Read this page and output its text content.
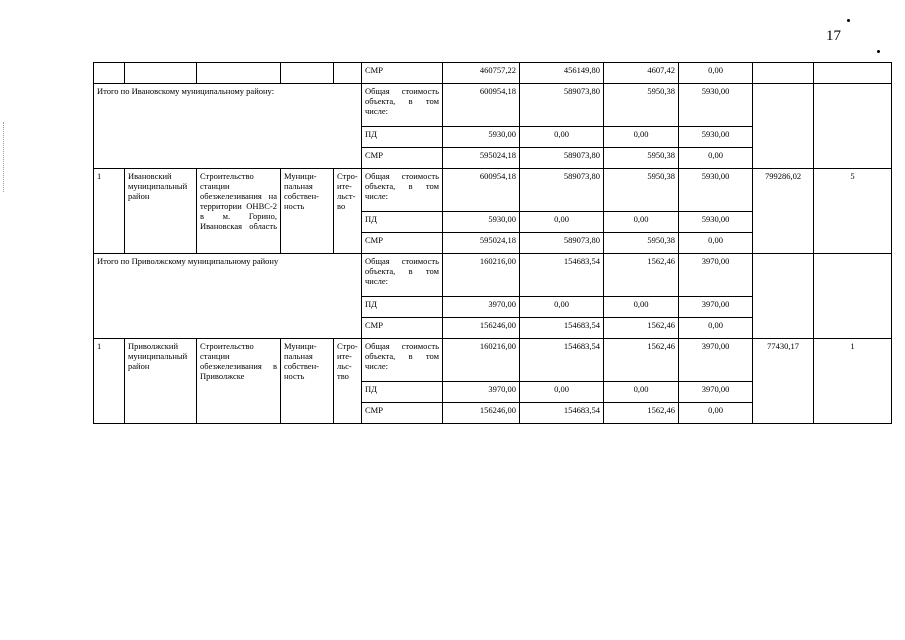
17
					СМР	460757,22	456149,80	4607,42	0,00		
Итого по Ивановскому муниципальному району:					Общая стоимость объекта, в том числе:	600954,18	589073,80	5950,38	5930,00		
					ПД	5930,00	0,00	0,00	5930,00		
					СМР	595024,18	589073,80	5950,38	0,00		
1	Ивановский муниципальный район	Строительство станции обезжелезивания на территории ОНВС-2 в м. Горино, Ивановская область	Муници-пальная собствен-ность	Стро-ите-льст-во	Общая стоимость объекта, в том числе:	600954,18	589073,80	5950,38	5930,00	799286,02	5
					ПД	5930,00	0,00	0,00	5930,00		
					СМР	595024,18	589073,80	5950,38	0,00		
Итого по Приволжскому муниципальному району					Общая стоимость объекта, в том числе:	160216,00	154683,54	1562,46	3970,00		
					ПД	3970,00	0,00	0,00	3970,00		
					СМР	156246,00	154683,54	1562,46	0,00		
1	Приволжский муниципальный район	Строительство станции обезжелезивания в Приволжске	Муници-пальная собствен-ность	Стро-ите-льс-тво	Общая стоимость объекта, в том числе:	160216,00	154683,54	1562,46	3970,00	77430,17	1
					ПД	3970,00	0,00	0,00	3970,00		
					СМР	156246,00	154683,54	1562,46	0,00		
